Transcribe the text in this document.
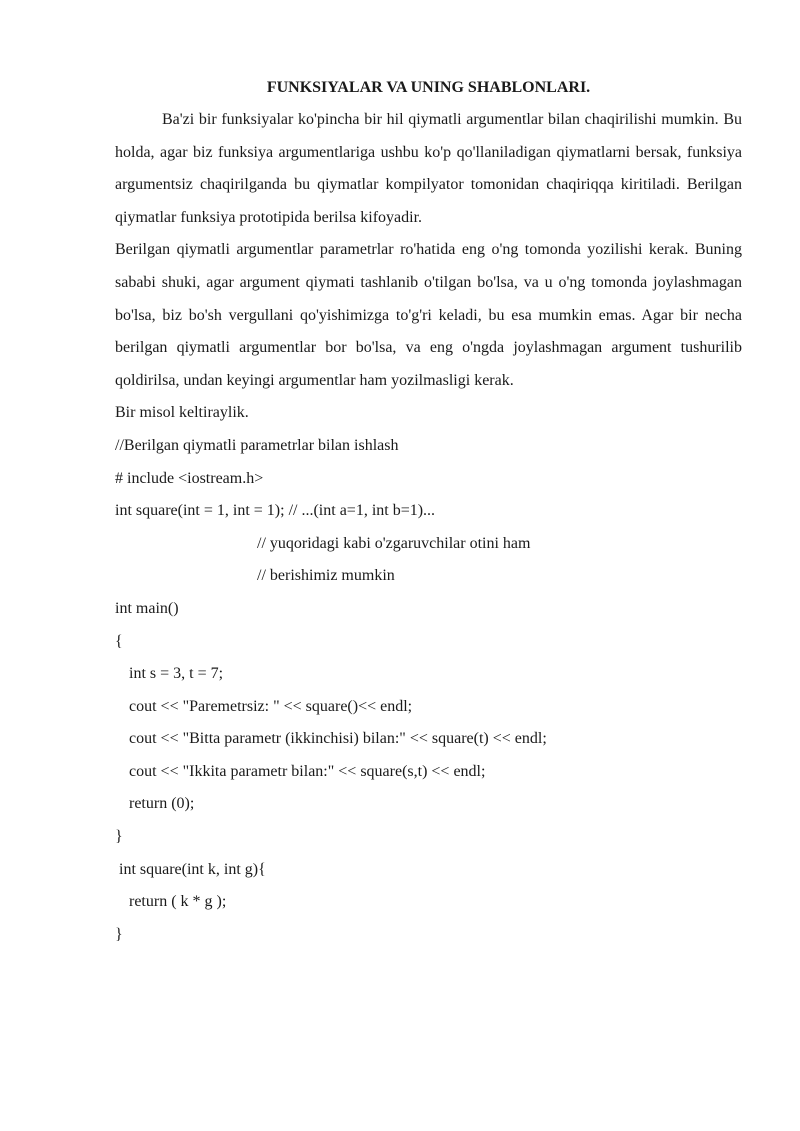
FUNKSIYALAR VA UNING SHABLONLARI.

Ba'zi bir funksiyalar ko'pincha bir hil qiymatli argumentlar bilan chaqirilishi mumkin. Bu holda, agar biz funksiya argumentlariga ushbu ko'p qo'llaniladigan qiymatlarni bersak, funksiya argumentsiz chaqirilganda bu qiymatlar kompilyator tomonidan chaqiriqqa kiritiladi. Berilgan qiymatlar funksiya prototipida berilsa kifoyadir.

Berilgan qiymatli argumentlar parametrlar ro'hatida eng o'ng tomonda yozilishi kerak. Buning sababi shuki, agar argument qiymati tashlanib o'tilgan bo'lsa, va u o'ng tomonda joylashmagan bo'lsa, biz bo'sh vergullani qo'yishimizga to'g'ri keladi, bu esa mumkin emas. Agar bir necha berilgan qiymatli argumentlar bor bo'lsa, va eng o'ngda joylashmagan argument tushurilib qoldirilsa, undan keyingi argumentlar ham yozilmasligi kerak.

Bir misol keltiraylik.

//Berilgan qiymatli parametrlar bilan ishlash

# include <iostream.h>

int square(int = 1, int = 1); // ...(int a=1, int b=1)...

// yuqoridagi kabi o'zgaruvchilar otini ham

// berishimiz mumkin

int main()

{

int s = 3, t = 7;

cout << "Paremetrsiz: " << square()<< endl;

cout << "Bitta parametr (ikkinchisi) bilan:" << square(t) << endl;

cout << "Ikkita parametr bilan:" << square(s,t) << endl;

return (0);

}

int square(int k, int g){

return ( k * g );

}
